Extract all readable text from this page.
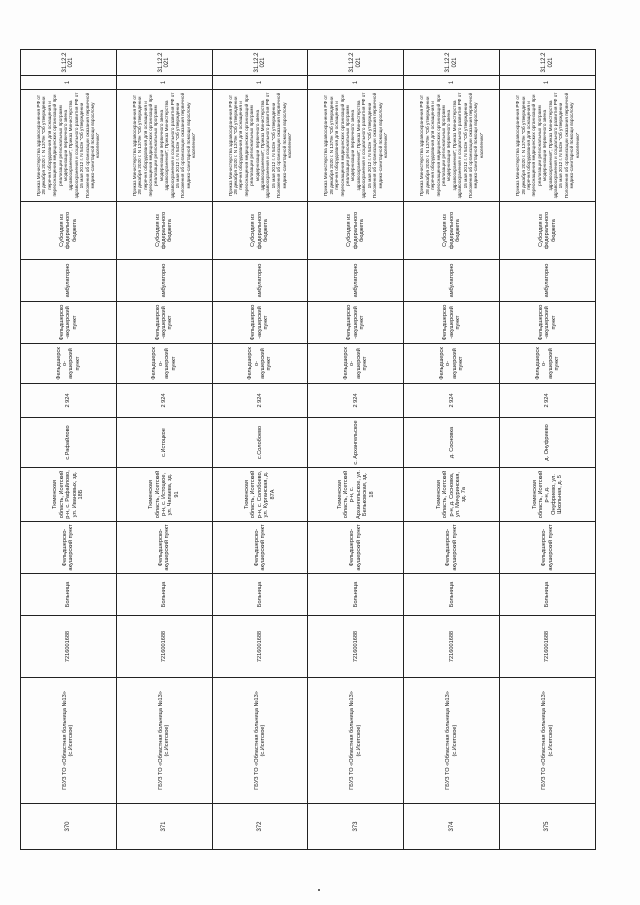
370	ГБУЗ ТО «Областная больница №13» (с.Исетское)	7216001688	Больница	Фельдшерско-акушерский пункт	Тюменская область, Исетский р-н, с. Рафайлово, ул. Ивановых, зд. 18Б	с.Рафайлово	2 924	Фельдшерско-акушерский пункт	Фельдшерско-акушерский пункт	амбулаторно	Субсидия из федерального бюджета	Приказ Министерства здравоохранения РФ от 28 декабря 2020 г. N 1379н "Об утверждении перечня оборудования для оснащения и переоснащения медицинских организаций при реализации региональных программ модернизации первичного звена здравоохранения"; Приказ Министерства здравоохранения и социального развития РФ от 15 мая 2012 г. N 543н "Об утверждении Положения об организации оказания первичной медико-санитарной помощи взрослому населению"	1	31.12.2021
371	ГБУЗ ТО «Областная больница №13» (с.Исетское)	7216001688	Больница	Фельдшерско-акушерский пункт	Тюменская область, Исетский р-н, с. Истоцкое, ул. Чапаева, зд. 91	с.Истоцкое	2 924	Фельдшерско-акушерский пункт	Фельдшерско-акушерский пункт	амбулаторно	Субсидия из федерального бюджета	Приказ Министерства здравоохранения РФ от 28 декабря 2020 г. N 1379н "Об утверждении перечня оборудования для оснащения и переоснащения медицинских организаций при реализации региональных программ модернизации первичного звена здравоохранения"; Приказ Министерства здравоохранения и социального развития РФ от 15 мая 2012 г. N 543н "Об утверждении Положения об организации оказания первичной медико-санитарной помощи взрослому населению"	1	31.12.2021
372	ГБУЗ ТО «Областная больница №13» (с.Исетское)	7216001688	Больница	Фельдшерско-акушерский пункт	Тюменская область, Исетский р-н, с. Солобоево, ул. Курганская, д. 87А	с.Солобоево	2 924	Фельдшерско-акушерский пункт	Фельдшерско-акушерский пункт	амбулаторно	Субсидия из федерального бюджета	Приказ Министерства здравоохранения РФ от 28 декабря 2020 г. N 1379н "Об утверждении перечня оборудования для оснащения и переоснащения медицинских организаций при реализации региональных программ модернизации первичного звена здравоохранения"; Приказ Министерства здравоохранения и социального развития РФ от 15 мая 2012 г. N 543н "Об утверждении Положения об организации оказания первичной медико-санитарной помощи взрослому населению"	1	31.12.2021
373	ГБУЗ ТО «Областная больница №13» (с.Исетское)	7216001688	Больница	Фельдшерско-акушерский пункт	Тюменская область, Исетский р-н, с. Архангельское, ул. Бельковская, зд. 18	с. Архангельское	2 924	Фельдшерско-акушерский пункт	Фельдшерско-акушерский пункт	амбулаторно	Субсидия из федерального бюджета	Приказ Министерства здравоохранения РФ от 28 декабря 2020 г. N 1379н "Об утверждении перечня оборудования для оснащения и переоснащения медицинских организаций при реализации региональных программ модернизации первичного звена здравоохранения"; Приказ Министерства здравоохранения и социального развития РФ от 15 мая 2012 г. N 543н "Об утверждении Положения об организации оказания первичной медико-санитарной помощи взрослому населению"	1	31.12.2021
374	ГБУЗ ТО «Областная больница №13» (с.Исетское)	7216001688	Больница	Фельдшерско-акушерский пункт	Тюменская область, Исетский р-н, д. Сосновка, ул. Мичуринская, зд. 7а	д. Сосновка	2 924	Фельдшерско-акушерский пункт	Фельдшерско-акушерский пункт	амбулаторно	Субсидия из федерального бюджета	Приказ Министерства здравоохранения РФ от 28 декабря 2020 г. N 1379н "Об утверждении перечня оборудования для оснащения и переоснащения медицинских организаций при реализации региональных программ модернизации первичного звена здравоохранения"; Приказ Министерства здравоохранения и социального развития РФ от 15 мая 2012 г. N 543н "Об утверждении Положения об организации оказания первичной медико-санитарной помощи взрослому населению"	1	31.12.2021
375	ГБУЗ ТО «Областная больница №13» (с.Исетское)	7216001688	Больница	Фельдшерско-акушерский пункт	Тюменская область, Исетский р-н, д. Онуфриево, ул. Школьная, д. 5	д. Онуфриево	2 924	Фельдшерско-акушерский пункт	Фельдшерско-акушерский пункт	амбулаторно	Субсидия из федерального бюджета	Приказ Министерства здравоохранения РФ от 28 декабря 2020 г. N 1379н "Об утверждении перечня оборудования для оснащения и переоснащения медицинских организаций при реализации региональных программ модернизации первичного звена здравоохранения"; Приказ Министерства здравоохранения и социального развития РФ от 15 мая 2012 г. N 543н "Об утверждении Положения об организации оказания первичной медико-санитарной помощи взрослому населению"	1	31.12.2021
